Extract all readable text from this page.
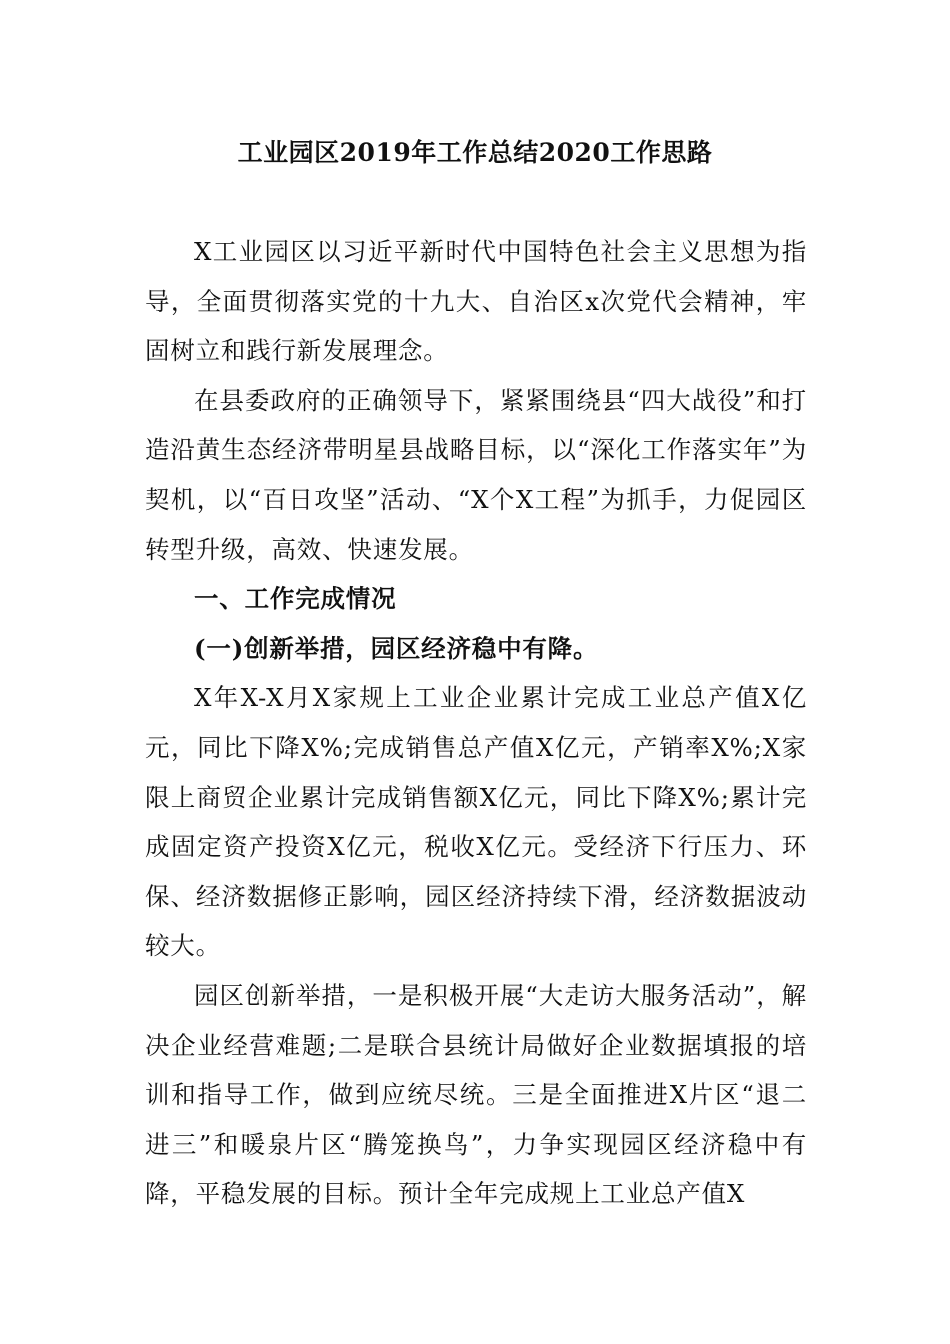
工业园区2019年工作总结2020工作思路

X工业园区以习近平新时代中国特色社会主义思想为指导，全面贯彻落实党的十九大、自治区x次党代会精神，牢固树立和践行新发展理念。

在县委政府的正确领导下，紧紧围绕县“四大战役”和打造沿黄生态经济带明星县战略目标，以“深化工作落实年”为契机，以“百日攻坚”活动、“X个X工程”为抓手，力促园区转型升级，高效、快速发展。

一、工作完成情况

(一)创新举措，园区经济稳中有降。

X年X-X月X家规上工业企业累计完成工业总产值X亿元，同比下降X%;完成销售总产值X亿元，产销率X%;X家限上商贸企业累计完成销售额X亿元，同比下降X%;累计完成固定资产投资X亿元，税收X亿元。受经济下行压力、环保、经济数据修正影响，园区经济持续下滑，经济数据波动较大。

园区创新举措，一是积极开展“大走访大服务活动”，解决企业经营难题;二是联合县统计局做好企业数据填报的培训和指导工作，做到应统尽统。三是全面推进X片区“退二进三”和暖泉片区“腾笼换鸟”，力争实现园区经济稳中有降，平稳发展的目标。预计全年完成规上工业总产值X
